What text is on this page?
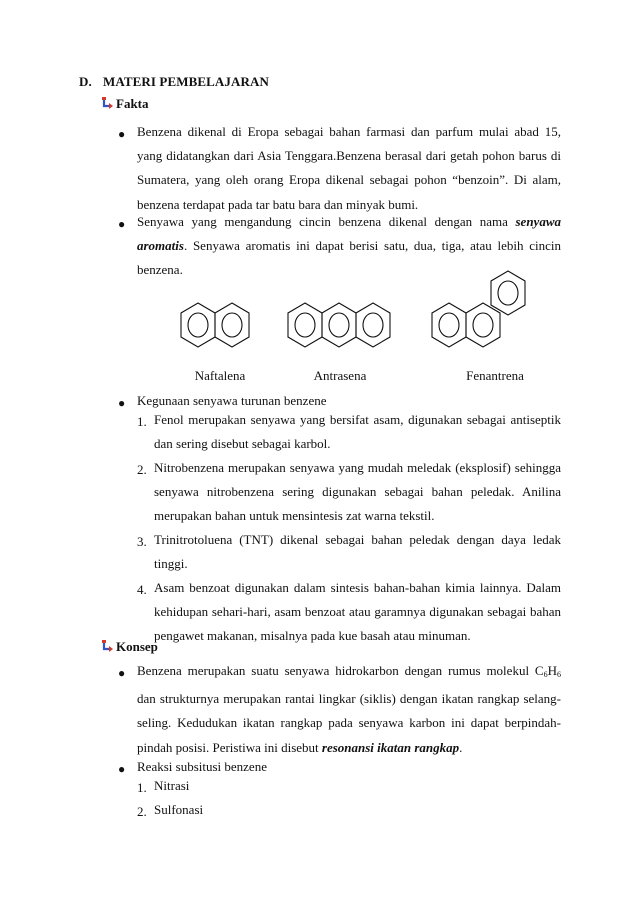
D. MATERI PEMBELAJARAN
Fakta
● Benzena dikenal di Eropa sebagai bahan farmasi dan parfum mulai abad 15, yang didatangkan dari Asia Tenggara.Benzena berasal dari getah pohon barus di Sumatera, yang oleh orang Eropa dikenal sebagai pohon “benzoin”. Di alam, benzena terdapat pada tar batu bara dan minyak bumi.
● Senyawa yang mengandung cincin benzena dikenal dengan nama senyawa aromatis. Senyawa aromatis ini dapat berisi satu, dua, tiga, atau lebih cincin benzena.
Naftalena	Antrasena	Fenantrena
● Kegunaan senyawa turunan benzene
1. Fenol merupakan senyawa yang bersifat asam, digunakan sebagai antiseptik dan sering disebut sebagai karbol.
2. Nitrobenzena merupakan senyawa yang mudah meledak (eksplosif) sehingga senyawa nitrobenzena sering digunakan sebagai bahan peledak. Anilina merupakan bahan untuk mensintesis zat warna tekstil.
3. Trinitrotoluena (TNT) dikenal sebagai bahan peledak dengan daya ledak tinggi.
4. Asam benzoat digunakan dalam sintesis bahan-bahan kimia lainnya. Dalam kehidupan sehari-hari, asam benzoat atau garamnya digunakan sebagai bahan pengawet makanan, misalnya pada kue basah atau minuman.
Konsep
● Benzena merupakan suatu senyawa hidrokarbon dengan rumus molekul $C_6H_6$ dan strukturnya merupakan rantai lingkar (siklis) dengan ikatan rangkap selang-seling. Kedudukan ikatan rangkap pada senyawa karbon ini dapat berpindah-pindah posisi. Peristiwa ini disebut resonansi ikatan rangkap.
● Reaksi subsitusi benzene
1. Nitrasi
2. Sulfonasi
